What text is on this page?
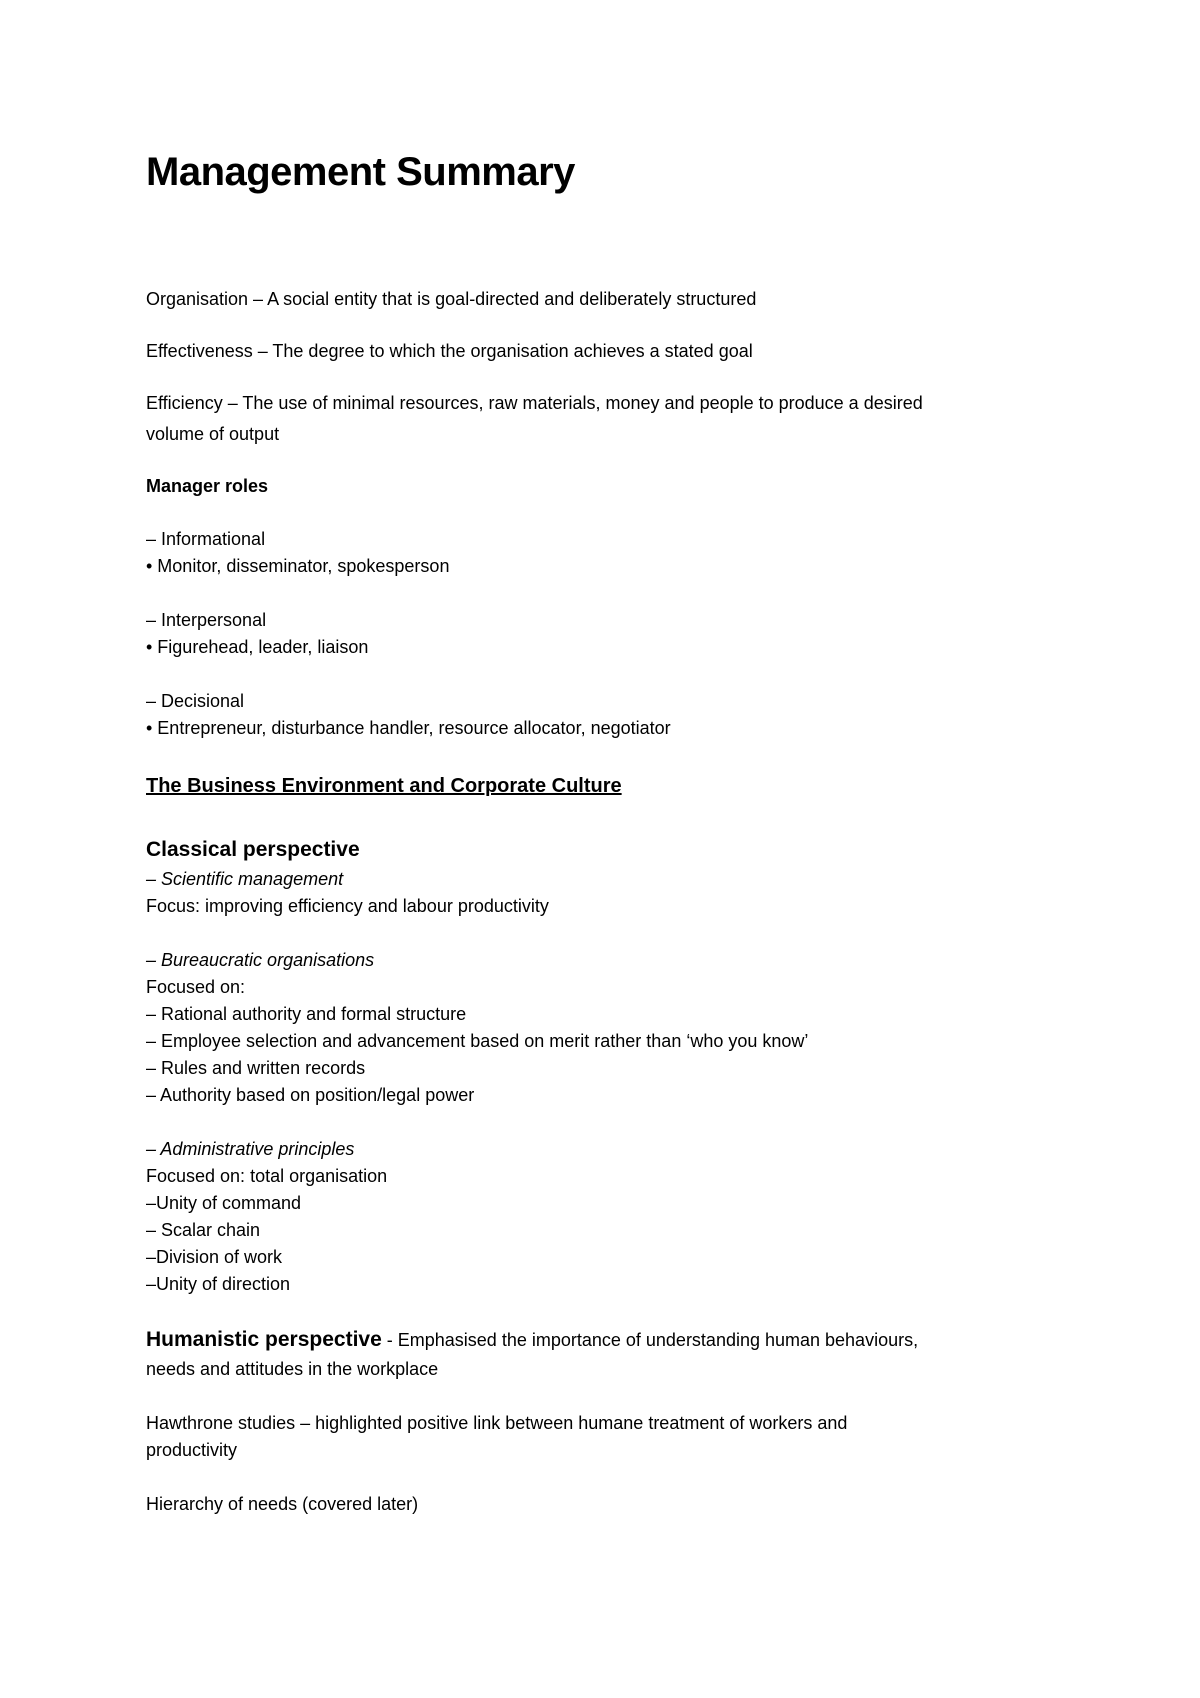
Management Summary

Organisation – A social entity that is goal-directed and deliberately structured

Effectiveness – The degree to which the organisation achieves a stated goal

Efficiency – The use of minimal resources, raw materials, money and people to produce a desired

volume of output

Manager roles

– Informational

• Monitor, disseminator, spokesperson

– Interpersonal

• Figurehead, leader, liaison

– Decisional

• Entrepreneur, disturbance handler, resource allocator, negotiator

The Business Environment and Corporate Culture
Classical perspective

– Scientific management

Focus: improving efficiency and labour productivity

– Bureaucratic organisations

Focused on:

– Rational authority and formal structure

– Employee selection and advancement based on merit rather than ‘who you know’

– Rules and written records

– Authority based on position/legal power

– Administrative principles

Focused on: total organisation

–Unity of command

– Scalar chain

–Division of work

–Unity of direction

Humanistic perspective - Emphasised the importance of understanding human behaviours,

needs and attitudes in the workplace

Hawthrone studies – highlighted positive link between humane treatment of workers and

productivity

Hierarchy of needs (covered later)
